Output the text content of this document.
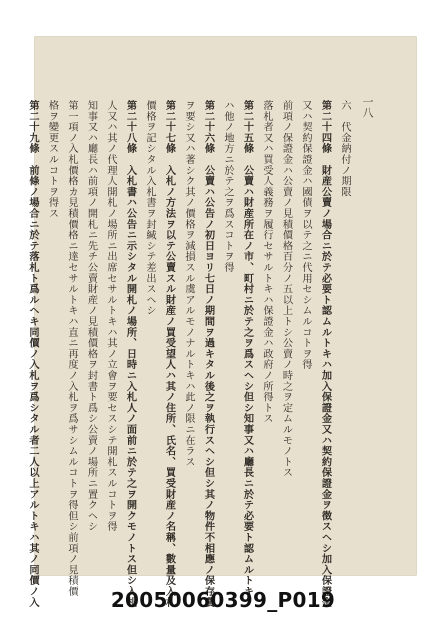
一八
六　代金納付ノ期限
第二十四條　財産公賣ノ場合ニ於テ必要ト認ムルトキハ加入保證金又ハ契約保證金ヲ徴スヘシ加入保證金
又ハ契約保證金ハ國債ヲ以テ之ニ代用セシムルコトヲ得
前項ノ保證金ハ公賣ノ見積價格百分ノ五以上トシ公賣ノ時之ヲ定ムルモノトス
落札者又ハ買受人義務ヲ履行セサルトキハ保證金ハ政府ノ所得トス
第二十五條　公賣ハ財産所在ノ市、町村ニ於テ之ヲ爲スヘシ但シ知事又ハ廳長ニ於テ必要ト認ムルトキ
ハ他ノ地方ニ於テ之ヲ爲スコトヲ得
第二十六條　公賣ハ公告ノ初日ヨリ七日ノ期間ヲ過キタル後之ヲ執行スヘシ但シ其ノ物件不相應ノ保存費
ヲ要シ又ハ著シク其ノ價格ヲ減損スル虞アルモノナルトキハ此ノ限ニ在ラス
第二十七條　入札ノ方法ヲ以テ公賣スル財産ノ買受望人ハ其ノ住所、氏名、買受財産ノ名稱、數量及入札
價格ヲ記シタル入札書ヲ封緘シテ差出スヘシ
第二十八條　入札書ハ公告ニ示シタル開札ノ場所、日時ニ入札人ノ面前ニ於テ之ヲ開クモノトス但シ入札
人又ハ其ノ代理人開札ノ場所ニ出席セサルトキハ其ノ立會ヲ要セスシテ開札スルコトヲ得
知事又ハ廳長ハ前項ノ開札ニ先チ公賣財産ノ見積價格ヲ封書ト爲シ公賣ノ場所ニ置クヘシ
第一項ノ入札價格カ見積價格ニ達セサルトキハ直ニ再度ノ入札ヲ爲サシムルコトヲ得但シ前項ノ見積價
格ヲ變更スルコトヲ得ス
第二十九條　前條ノ場合ニ於テ落札ト爲ルヘキ同價ノ入札ヲ爲シタル者二人以上アルトキハ其ノ同價ノ入	20050060399_P019
